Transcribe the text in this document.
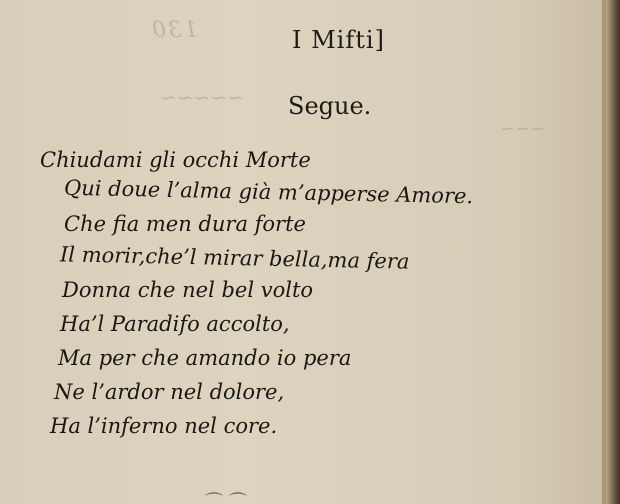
130
~~~~~
~~~
I Mifti]
Segue.
Chiudami gli occhi Morte
Qui doue l’alma già m’apperse Amore.
Che fia men dura forte
Il morir,che’l mirar bella,ma fera
Donna che nel bel volto
Ha’l Paradifo accolto,
Ma per che amando io pera
Ne l’ardor nel dolore,
Ha l’inferno nel core.
⌒ ⌒
